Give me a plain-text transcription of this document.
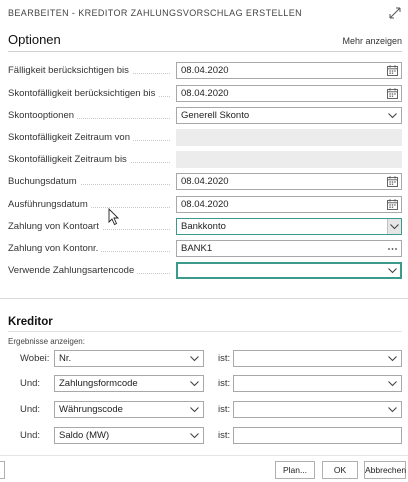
BEARBEITEN - KREDITOR ZAHLUNGSVORSCHLAG ERSTELLEN
Optionen	Mehr anzeigen
Fälligkeit berücksichtigen bis	08.04.2020
Skontofälligkeit berücksichtigen bis	08.04.2020
Skontooptionen	Generell Skonto
Skontofälligkeit Zeitraum von
Skontofälligkeit Zeitraum bis
Buchungsdatum	08.04.2020
Ausführungsdatum	08.04.2020
Zahlung von Kontoart	Bankkonto
Zahlung von Kontonr.	BANK1
Verwende Zahlungsartencode
Kreditor
Ergebnisse anzeigen:
Wobei:	Nr.	ist:
Und:	Zahlungsformcode	ist:
Und:	Währungscode	ist:
Und:	Saldo (MW)	ist:
Plan...	OK	Abbrechen
